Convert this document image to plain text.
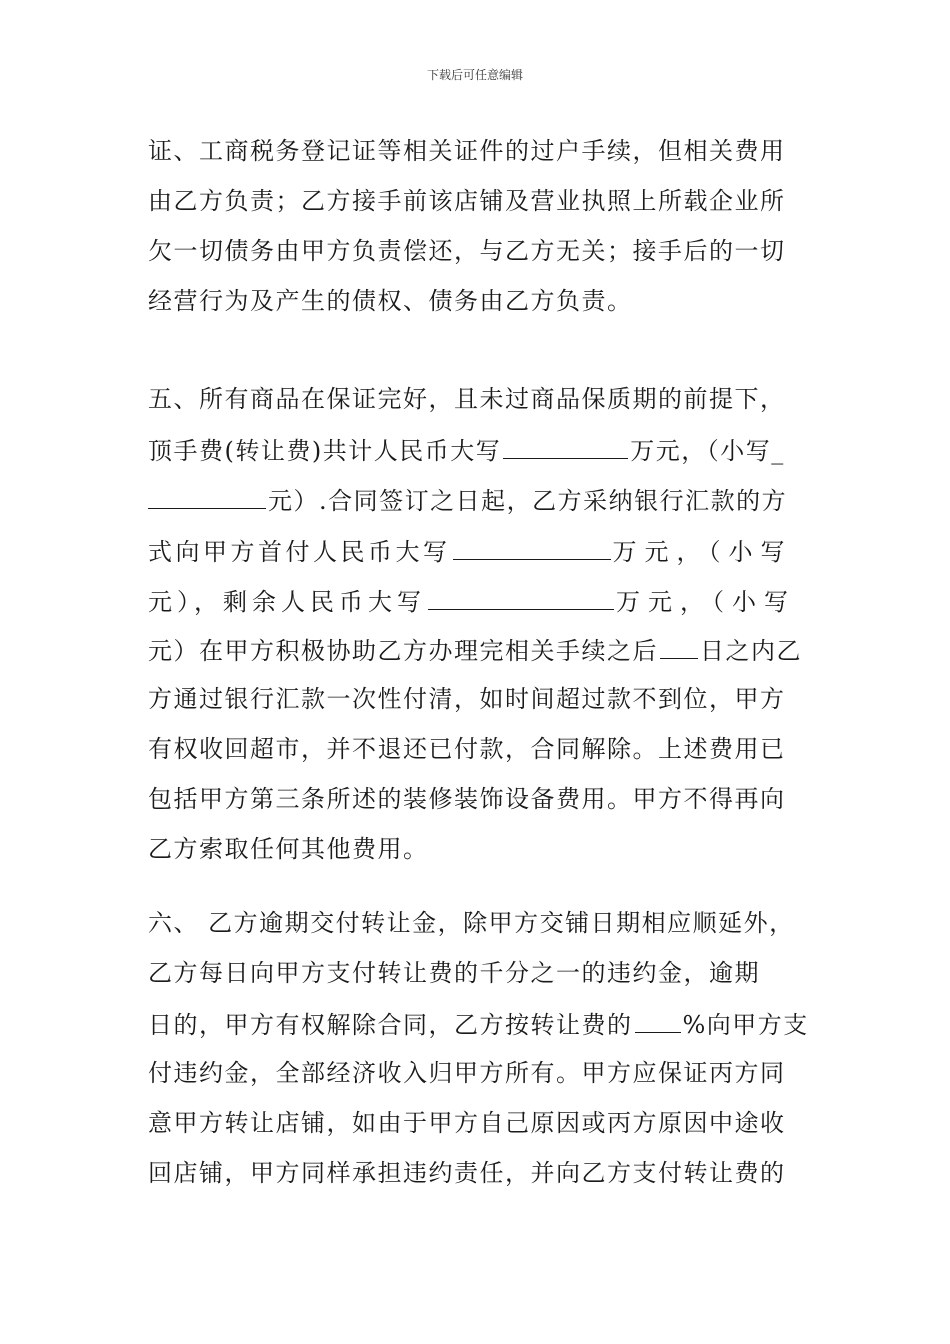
下载后可任意编辑
证、工商税务登记证等相关证件的过户手续，但相关费用
由乙方负责；乙方接手前该店铺及营业执照上所载企业所
欠一切债务由甲方负责偿还，与乙方无关；接手后的一切
经营行为及产生的债权、债务由乙方负责。
五、所有商品在保证完好，且未过商品保质期的前提下，
顶手费(转让费)共计人民币大写	万元，（小写_
元）.合同签订之日起，乙方采纳银行汇款的方
式向甲方首付人民币大写	万元，（小写
元），剩余人民币大写	万元，（小写
元）在甲方积极协助乙方办理完相关手续之后 日之内乙
方通过银行汇款一次性付清，如时间超过款不到位，甲方
有权收回超市，并不退还已付款，合同解除。上述费用已
包括甲方第三条所述的装修装饰设备费用。甲方不得再向
乙方索取任何其他费用。
六、 乙方逾期交付转让金，除甲方交铺日期相应顺延外，
乙方每日向甲方支付转让费的千分之一的违约金，逾期
日的，甲方有权解除合同，乙方按转让费的 %向甲方支
付违约金，全部经济收入归甲方所有。甲方应保证丙方同
意甲方转让店铺，如由于甲方自己原因或丙方原因中途收
回店铺，甲方同样承担违约责任，并向乙方支付转让费的
